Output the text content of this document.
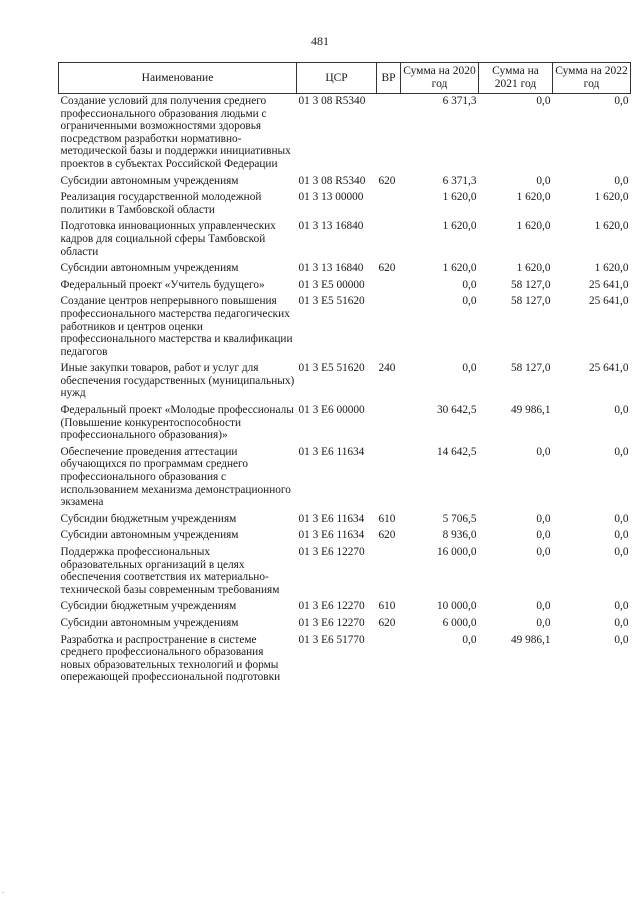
481
Наименование	ЦСР	ВР	Сумма на 2020 год	Сумма на 2021 год	Сумма на 2022 год
Создание условий для получения среднего профессионального образования людьми с ограниченными возможностями здоровья посредством разработки нормативно-методической базы и поддержки инициативных проектов в субъектах Российской Федерации	01 3 08 R5340		6 371,3	0,0	0,0
Субсидии автономным учреждениям	01 3 08 R5340	620	6 371,3	0,0	0,0
Реализация государственной молодежной политики в Тамбовской области	01 3 13 00000		1 620,0	1 620,0	1 620,0
Подготовка инновационных управленческих кадров для социальной сферы Тамбовской области	01 3 13 16840		1 620,0	1 620,0	1 620,0
Субсидии автономным учреждениям	01 3 13 16840	620	1 620,0	1 620,0	1 620,0
Федеральный проект «Учитель будущего»	01 3 E5 00000		0,0	58 127,0	25 641,0
Создание центров непрерывного повышения профессионального мастерства педагогических работников и центров оценки профессионального мастерства и квалификации педагогов	01 3 E5 51620		0,0	58 127,0	25 641,0
Иные закупки товаров, работ и услуг для обеспечения государственных (муниципальных) нужд	01 3 E5 51620	240	0,0	58 127,0	25 641,0
Федеральный проект «Молодые профессионалы (Повышение конкурентоспособности профессионального образования)»	01 3 E6 00000		30 642,5	49 986,1	0,0
Обеспечение проведения аттестации обучающихся по программам среднего профессионального образования с использованием механизма демонстрационного экзамена	01 3 E6 11634		14 642,5	0,0	0,0
Субсидии бюджетным учреждениям	01 3 E6 11634	610	5 706,5	0,0	0,0
Субсидии автономным учреждениям	01 3 E6 11634	620	8 936,0	0,0	0,0
Поддержка профессиональных образовательных организаций в целях обеспечения соответствия их материально-технической базы современным требованиям	01 3 E6 12270		16 000,0	0,0	0,0
Субсидии бюджетным учреждениям	01 3 E6 12270	610	10 000,0	0,0	0,0
Субсидии автономным учреждениям	01 3 E6 12270	620	6 000,0	0,0	0,0
Разработка и распространение в системе среднего профессионального образования новых образовательных технологий и формы опережающей профессиональной подготовки	01 3 E6 51770		0,0	49 986,1	0,0
.
